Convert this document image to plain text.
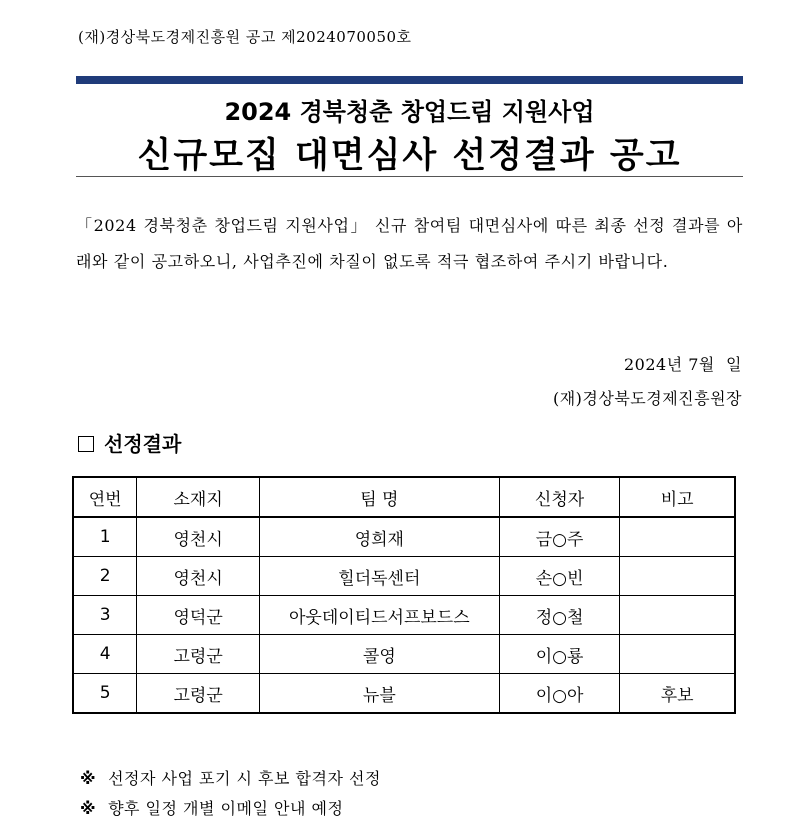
(재)경상북도경제진흥원 공고 제2024070050호
2024 경북청춘 창업드림 지원사업
신규모집 대면심사 선정결과 공고
「2024 경북청춘 창업드림 지원사업」 신규 참여팀 대면심사에 따른 최종 선정 결과를 아래와 같이 공고하오니, 사업추진에 차질이 없도록 적극 협조하여 주시기 바랍니다.
2024년 7월  일
(재)경상북도경제진흥원장
선정결과
연번	소재지	팀 명	신청자	비고
1	영천시	영희재	금○주	
2	영천시	힐더독센터	손○빈	
3	영덕군	아웃데이티드서프보드스	정○철	
4	고령군	콜영	이○룡	
5	고령군	뉴블	이○아	후보
※ 선정자 사업 포기 시 후보 합격자 선정
※ 향후 일정 개별 이메일 안내 예정
